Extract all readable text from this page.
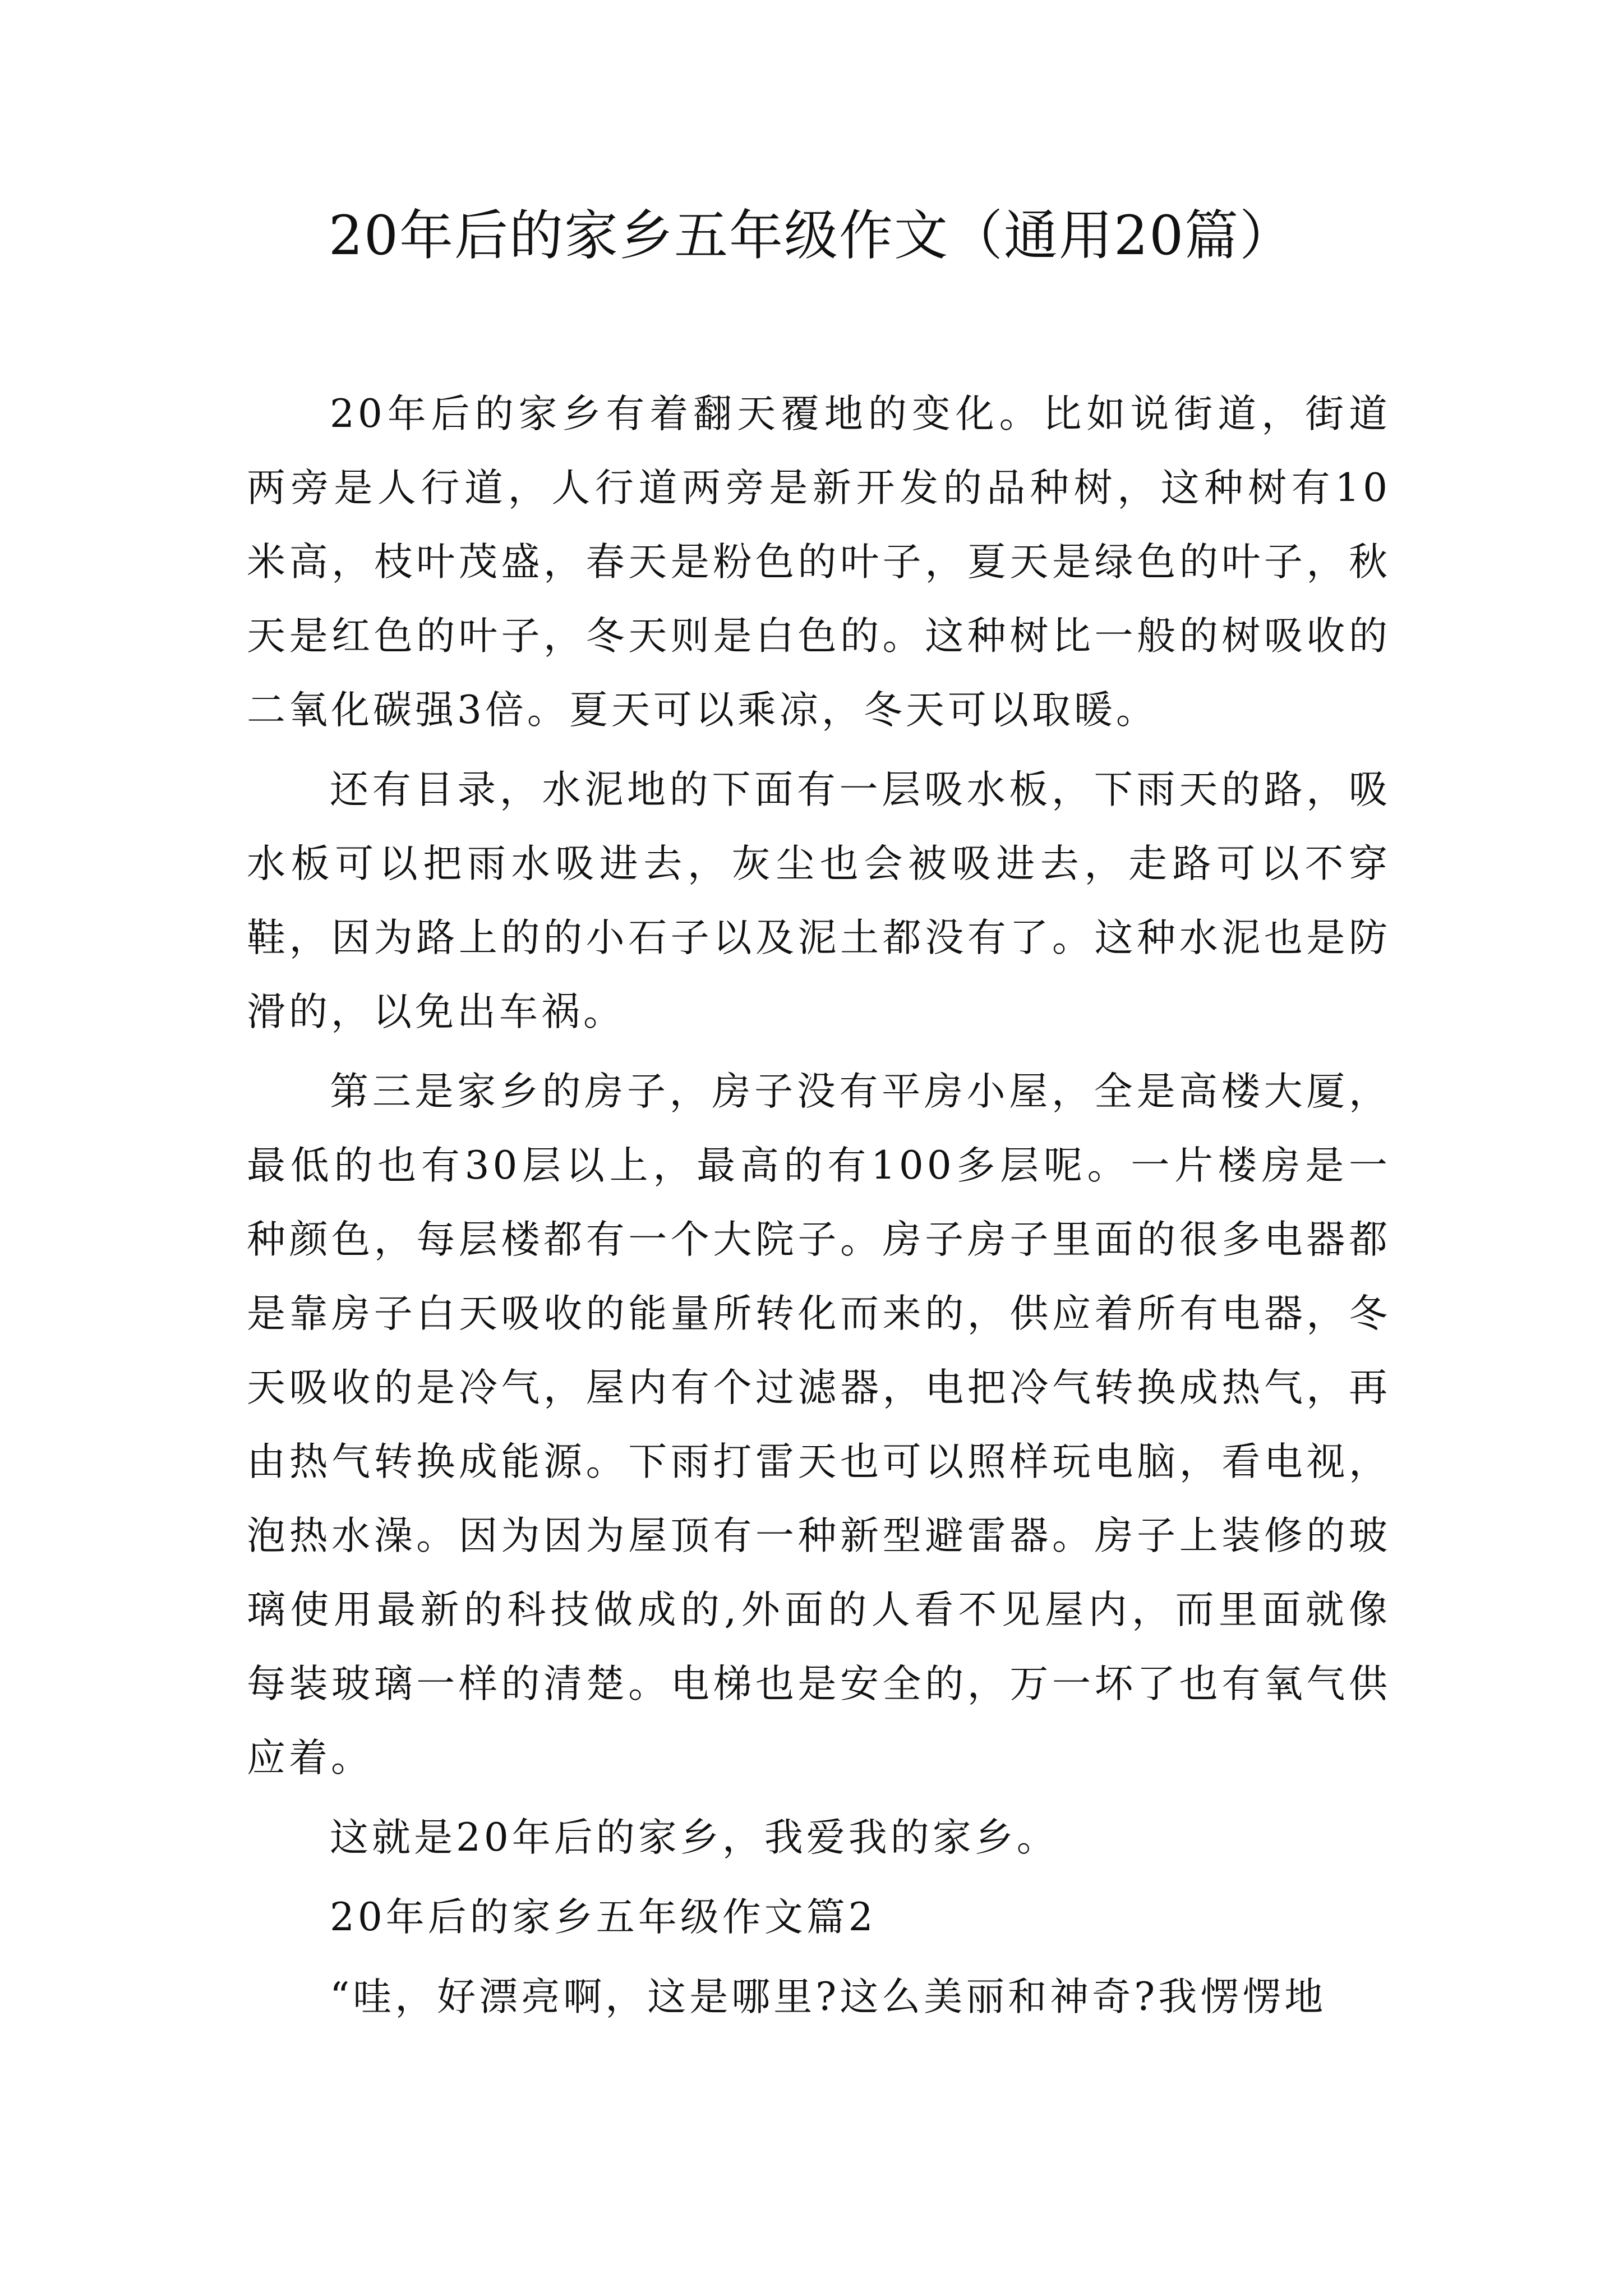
20年后的家乡五年级作文（通用20篇）

20年后的家乡有着翻天覆地的变化。比如说街道，街道两旁是人行道，人行道两旁是新开发的品种树，这种树有10米高，枝叶茂盛，春天是粉色的叶子，夏天是绿色的叶子，秋天是红色的叶子，冬天则是白色的。这种树比一般的树吸收的二氧化碳强3倍。夏天可以乘凉，冬天可以取暖。

还有目录，水泥地的下面有一层吸水板，下雨天的路，吸水板可以把雨水吸进去，灰尘也会被吸进去，走路可以不穿鞋，因为路上的的小石子以及泥土都没有了。这种水泥也是防滑的，以免出车祸。

第三是家乡的房子，房子没有平房小屋，全是高楼大厦，最低的也有30层以上，最高的有100多层呢。一片楼房是一种颜色，每层楼都有一个大院子。房子房子里面的很多电器都是靠房子白天吸收的能量所转化而来的，供应着所有电器，冬天吸收的是冷气，屋内有个过滤器，电把冷气转换成热气，再由热气转换成能源。下雨打雷天也可以照样玩电脑，看电视，泡热水澡。因为因为屋顶有一种新型避雷器。房子上装修的玻璃使用最新的科技做成的,外面的人看不见屋内，而里面就像每装玻璃一样的清楚。电梯也是安全的，万一坏了也有氧气供应着。

这就是20年后的家乡，我爱我的家乡。

20年后的家乡五年级作文篇2

“哇，好漂亮啊，这是哪里?这么美丽和神奇?我愣愣地
